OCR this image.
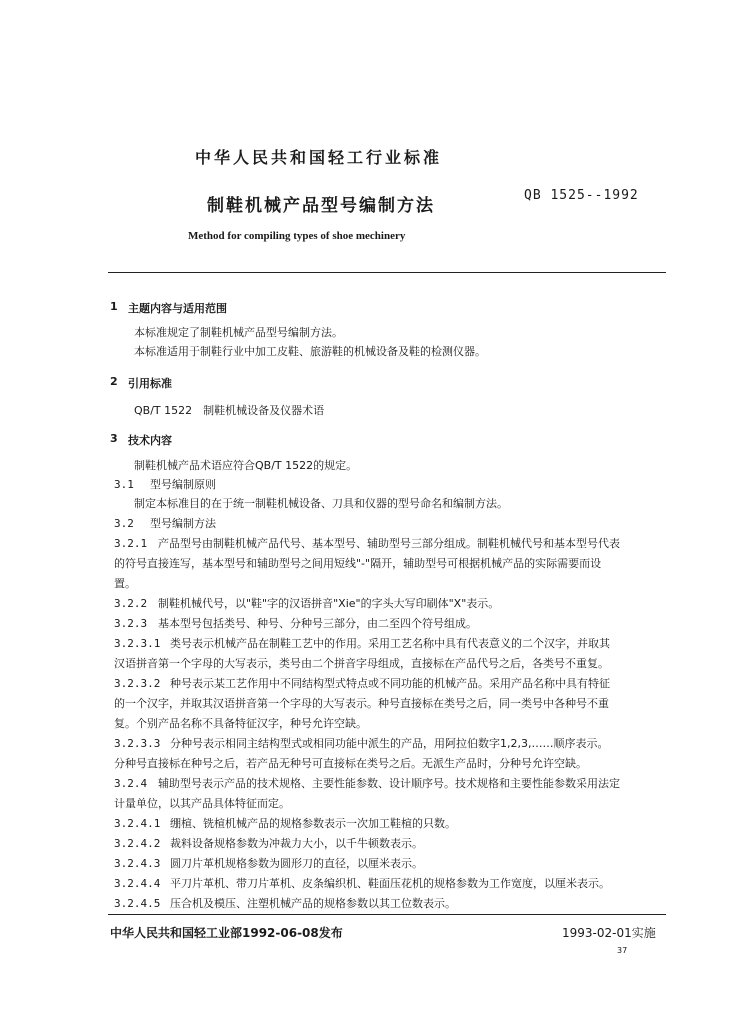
中华人民共和国轻工行业标准
制鞋机械产品型号编制方法
QB 1525--1992
Method for compiling types of shoe mechinery
1 主题内容与适用范围
本标准规定了制鞋机械产品型号编制方法。
本标准适用于制鞋行业中加工皮鞋、旅游鞋的机械设备及鞋的检测仪器。
2 引用标准
QB/T 1522　制鞋机械设备及仪器术语
3 技术内容
制鞋机械产品术语应符合QB/T 1522的规定。
3.1 型号编制原则
制定本标准目的在于统一制鞋机械设备、刀具和仪器的型号命名和编制方法。
3.2 型号编制方法
3.2.1 产品型号由制鞋机械产品代号、基本型号、辅助型号三部分组成。制鞋机械代号和基本型号代表
的符号直接连写，基本型号和辅助型号之间用短线"-"隔开，辅助型号可根据机械产品的实际需要而设
置。
3.2.2 制鞋机械代号，以"鞋"字的汉语拼音"Xie"的字头大写印刷体"X"表示。
3.2.3 基本型号包括类号、种号、分种号三部分，由二至四个符号组成。
3.2.3.1 类号表示机械产品在制鞋工艺中的作用。采用工艺名称中具有代表意义的二个汉字，并取其
汉语拼音第一个字母的大写表示，类号由二个拼音字母组成，直接标在产品代号之后，各类号不重复。
3.2.3.2 种号表示某工艺作用中不同结构型式特点或不同功能的机械产品。采用产品名称中具有特征
的一个汉字，并取其汉语拼音第一个字母的大写表示。种号直接标在类号之后，同一类号中各种号不重
复。个别产品名称不具备特征汉字，种号允许空缺。
3.2.3.3 分种号表示相同主结构型式或相同功能中派生的产品，用阿拉伯数字1,2,3,……顺序表示。
分种号直接标在种号之后，若产品无种号可直接标在类号之后。无派生产品时，分种号允许空缺。
3.2.4 辅助型号表示产品的技术规格、主要性能参数、设计顺序号。技术规格和主要性能参数采用法定
计量单位，以其产品具体特征而定。
3.2.4.1 绷楦、铣楦机械产品的规格参数表示一次加工鞋楦的只数。
3.2.4.2 裁料设备规格参数为冲裁力大小，以千牛顿数表示。
3.2.4.3 圆刀片革机规格参数为圆形刀的直径，以厘米表示。
3.2.4.4 平刀片革机、带刀片革机、皮条编织机、鞋面压花机的规格参数为工作宽度，以厘米表示。
3.2.4.5 压合机及模压、注塑机械产品的规格参数以其工位数表示。
中华人民共和国轻工业部1992-06-08发布	1993-02-01实施
37
